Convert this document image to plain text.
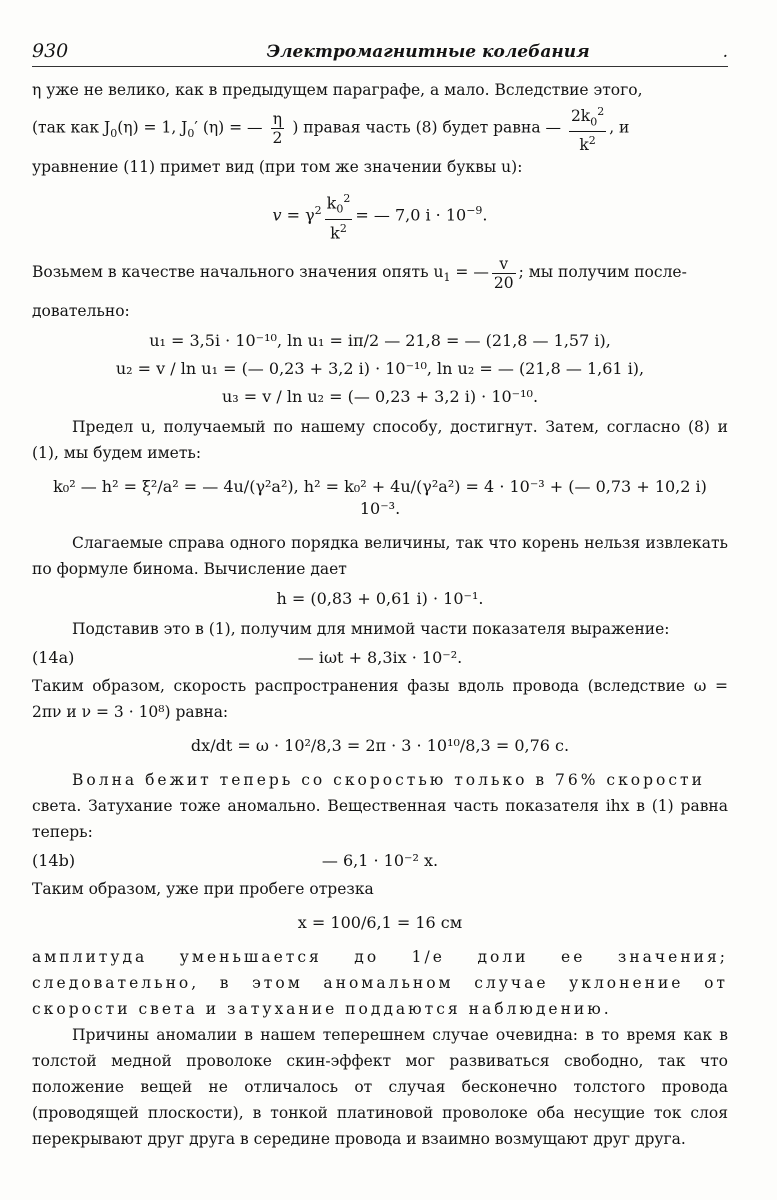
930	Электромагнитные колебания	.

η уже не велико, как в предыдущем параграфе, а мало. Вследствие этого,

(так как $J_0(\eta) = 1$, $J_0'$ (η) = — $\frac{\eta}{2}$ ) правая часть (8) будет равна — $\frac{2k_0^2}{k^2}$ , и

уравнение (11) примет вид (при том же значении буквы u):

$v = \gamma^2 \frac{k_0^2}{k^2}$ = — 7,0 $i \cdot 10^{-9}$.

Возьмем в качестве начального значения опять $u_1$ = — $\frac{v}{20}$ ; мы получим после-

довательно:

u₁ = 3,5i · 10⁻¹⁰, ln u₁ = iπ/2 — 21,8 = — (21,8 — 1,57 i),
u₂ = v / ln u₁ = (— 0,23 + 3,2 i) · 10⁻¹⁰, ln u₂ = — (21,8 — 1,61 i),
u₃ = v / ln u₂ = (— 0,23 + 3,2 i) · 10⁻¹⁰.

Предел u, получаемый по нашему способу, достигнут. Затем, согласно (8) и (1), мы будем иметь:

k₀² — h² = ξ²/a² = — 4u/(γ²a²), h² = k₀² + 4u/(γ²a²) = 4 · 10⁻³ + (— 0,73 + 10,2 i) 10⁻³.

Слагаемые справа одного порядка величины, так что корень нельзя извлекать по формуле бинома. Вычисление дает

h = (0,83 + 0,61 i) · 10⁻¹.

Подставив это в (1), получим для мнимой части показателя выражение:

(14a)	— iωt + 8,3ix · 10⁻².

Таким образом, скорость распространения фазы вдоль провода (вследствие ω = 2πν и ν = 3 · 10⁸) равна:

dx/dt = ω · 10²/8,3 = 2π · 3 · 10¹⁰/8,3 = 0,76 c.

Волна бежит теперь со скоростью только в 76% скорости

света. Затухание тоже аномально. Вещественная часть показателя ihx в (1) равна теперь:

(14b)	— 6,1 · 10⁻² x.

Таким образом, уже при пробеге отрезка

x = 100/6,1 = 16 см

амплитуда уменьшается до 1/e доли ее значения; следовательно, в этом аномальном случае уклонение от скорости света и затухание поддаются наблюдению.

Причины аномалии в нашем теперешнем случае очевидна: в то время как в толстой медной проволоке скин-эффект мог развиваться свободно, так что положение вещей не отличалось от случая бесконечно толстого провода (проводящей плоскости), в тонкой платиновой проволоке оба несущие ток слоя перекрывают друг друга в середине провода и взаимно возмущают друг друга.
